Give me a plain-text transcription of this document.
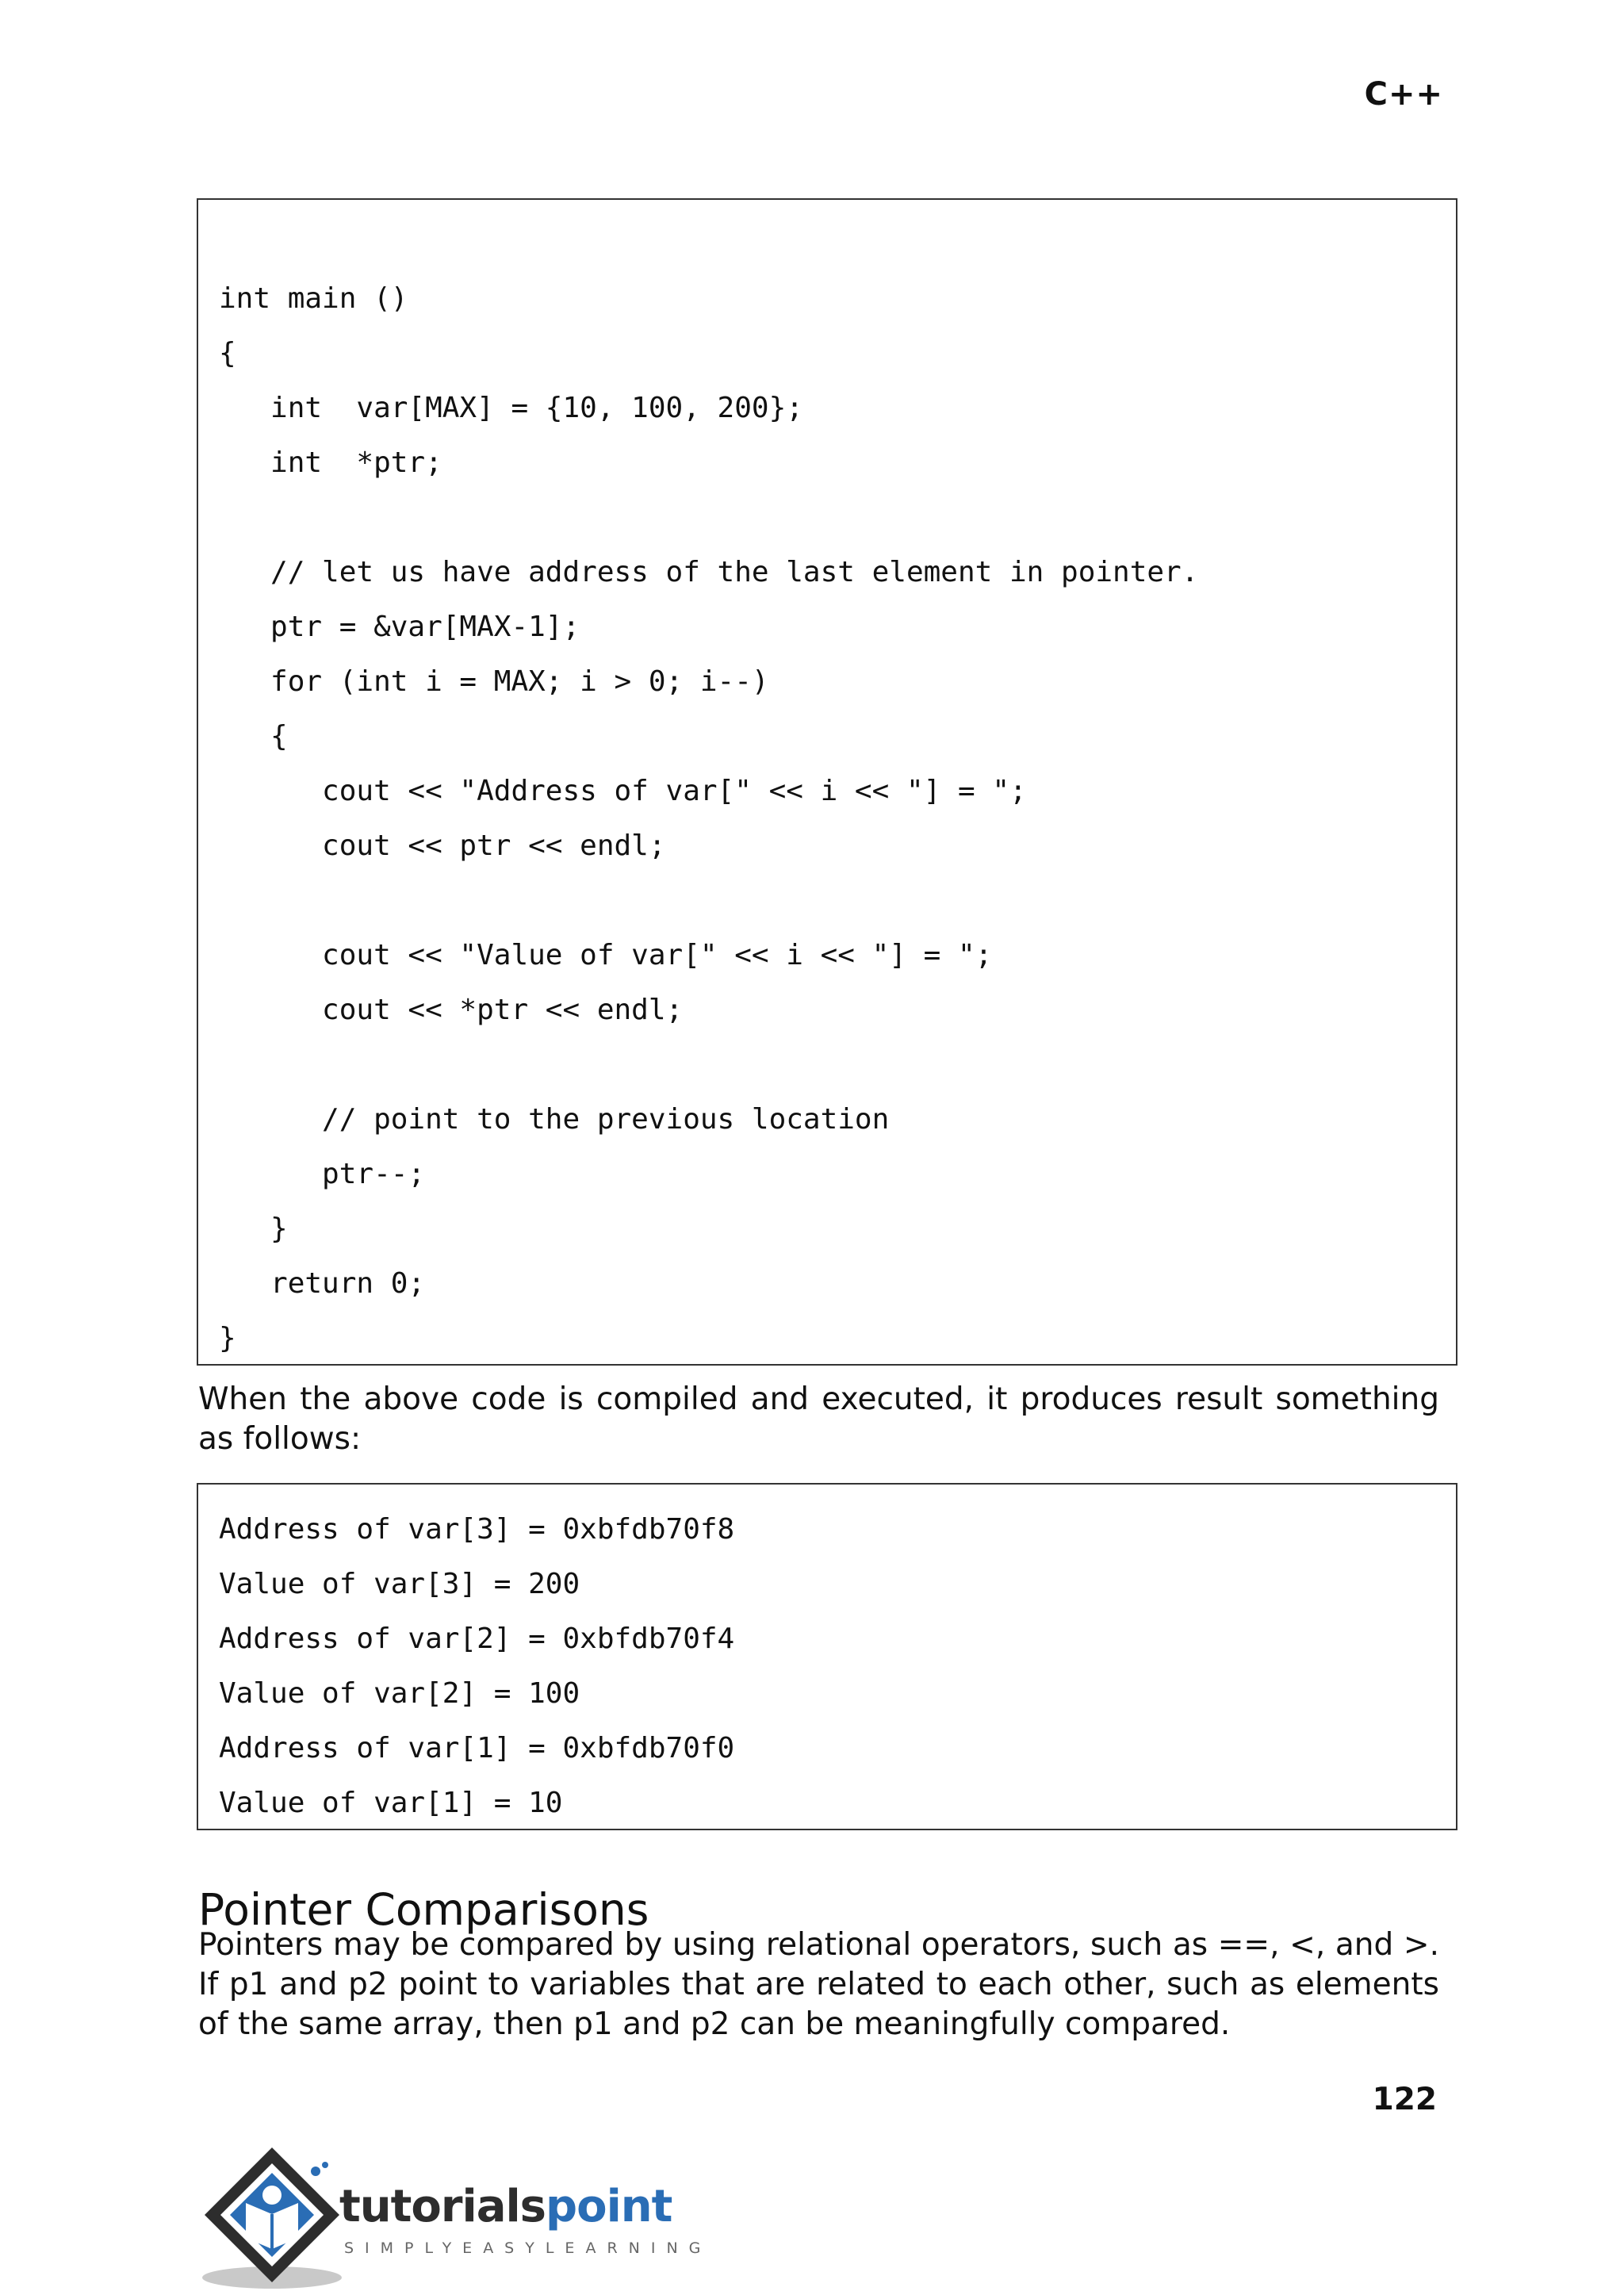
C++
int main ()
{
int  var[MAX] = {10, 100, 200};
int  *ptr;
// let us have address of the last element in pointer.
ptr = &var[MAX-1];
for (int i = MAX; i > 0; i--)
{
cout << "Address of var[" << i << "] = ";
cout << ptr << endl;
cout << "Value of var[" << i << "] = ";
cout << *ptr << endl;
// point to the previous location
ptr--;
}
return 0;
}
When the above code is compiled and executed, it produces result something as follows:
Address of var[3] = 0xbfdb70f8
Value of var[3] = 200
Address of var[2] = 0xbfdb70f4
Value of var[2] = 100
Address of var[1] = 0xbfdb70f0
Value of var[1] = 10
Pointer Comparisons
Pointers may be compared by using relational operators, such as ==, <, and >. If p1 and p2 point to variables that are related to each other, such as elements of the same array, then p1 and p2 can be meaningfully compared.
122
tutorialspoint
SIMPLYEASYLEARNING
